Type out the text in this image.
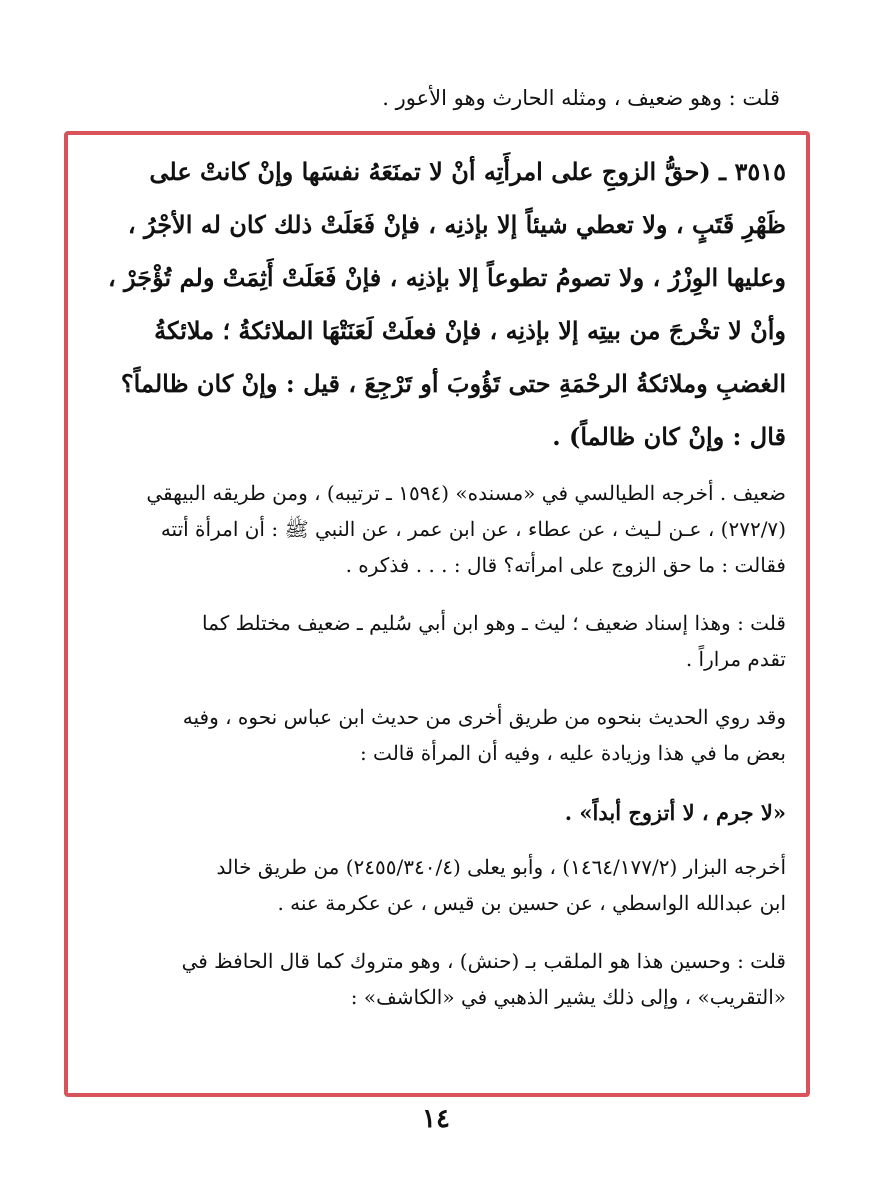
قلت : وهو ضعيف ، ومثله الحارث وهو الأعور .
٣٥١٥ ـ (حقُّ الزوجِ على امرأَتِه أنْ لا تمنَعَهُ نفسَها وإنْ كانتْ على
ظَهْرِ قَتَبٍ ، ولا تعطي شيئاً إلا بإذنِه ، فإنْ فَعَلَتْ ذلك كان له الأجْرُ ،
وعليها الوِزْرُ ، ولا تصومُ تطوعاً إلا بإذنِه ، فإنْ فَعَلَتْ أَثِمَتْ ولم تُؤْجَرْ ،
وأنْ لا تخْرجَ من بيتِه إلا بإذنِه ، فإنْ فعلَتْ لَعَنَتْهَا الملائكةُ ؛ ملائكةُ
الغضبِ وملائكةُ الرحْمَةِ حتى تَؤُوبَ أو تَرْجِعَ ، قيل : وإنْ كان ظالماً؟
قال : وإنْ كان ظالماً) .
ضعيف . أخرجه الطيالسي في «مسنده» (١٥٩٤ ـ ترتيبه) ، ومن طريقه البيهقي
(٢٧٢/٧) ، عـن لـيث ، عن عطاء ، عن ابن عمر ، عن النبي ﷺ : أن امرأة أتته
فقالت : ما حق الزوج على امرأته؟ قال : . . . فذكره .
قلت : وهذا إسناد ضعيف ؛ ليث ـ وهو ابن أبي سُليم ـ ضعيف مختلط كما
تقدم مراراً .
وقد روي الحديث بنحوه من طريق أخرى من حديث ابن عباس نحوه ، وفيه
بعض ما في هذا وزيادة عليه ، وفيه أن المرأة قالت :
«لا جرم ، لا أتزوج أبداً» .
أخرجه البزار (١٤٦٤/١٧٧/٢) ، وأبو يعلى (٢٤٥٥/٣٤٠/٤) من طريق خالد
ابن عبدالله الواسطي ، عن حسين بن قيس ، عن عكرمة عنه .
قلت : وحسين هذا هو الملقب بـ (حنش) ، وهو متروك كما قال الحافظ في
«التقريب» ، وإلى ذلك يشير الذهبي في «الكاشف» :
١٤
